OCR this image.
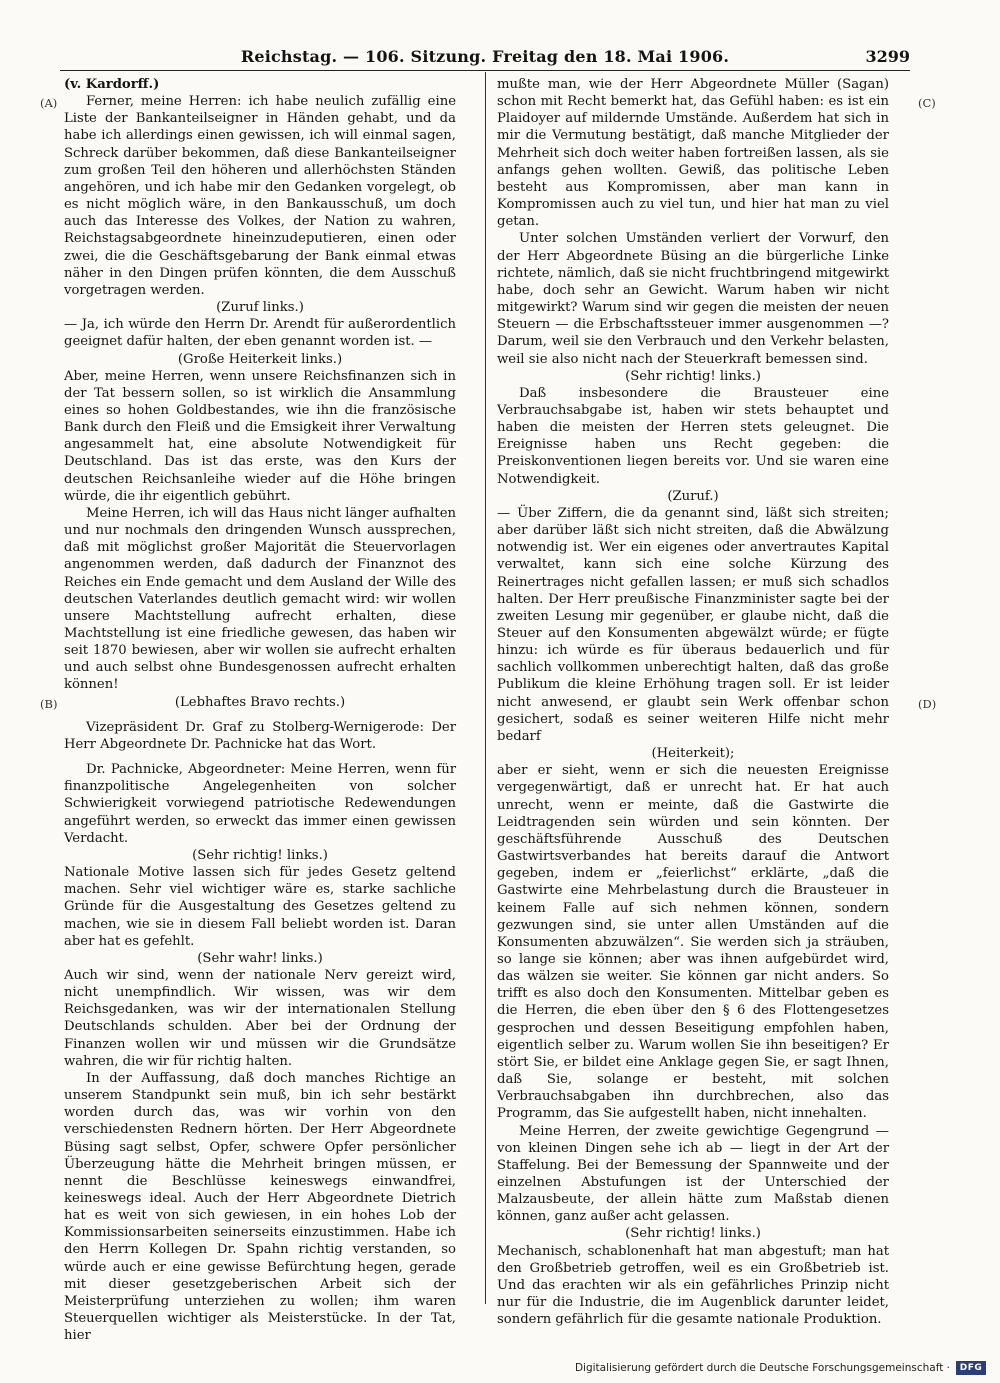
Reichstag. — 106. Sitzung. Freitag den 18. Mai 1906.	3299
(A)
(B)
(C)
(D)

(v. Kardorff.)

Ferner, meine Herren: ich habe neulich zufällig eine Liste der Bankanteilseigner in Händen gehabt, und da habe ich allerdings einen gewissen, ich will einmal sagen, Schreck darüber bekommen, daß diese Bankanteilseigner zum großen Teil den höheren und allerhöchsten Ständen angehören, und ich habe mir den Gedanken vorgelegt, ob es nicht möglich wäre, in den Bankausschuß, um doch auch das Interesse des Volkes, der Nation zu wahren, Reichstagsabgeordnete hineinzudeputieren, einen oder zwei, die die Geschäftsgebarung der Bank einmal etwas näher in den Dingen prüfen könnten, die dem Ausschuß vorgetragen werden.

(Zuruf links.)

— Ja, ich würde den Herrn Dr. Arendt für außerordentlich geeignet dafür halten, der eben genannt worden ist. —

(Große Heiterkeit links.)

Aber, meine Herren, wenn unsere Reichsfinanzen sich in der Tat bessern sollen, so ist wirklich die Ansammlung eines so hohen Goldbestandes, wie ihn die französische Bank durch den Fleiß und die Emsigkeit ihrer Verwaltung angesammelt hat, eine absolute Notwendigkeit für Deutschland. Das ist das erste, was den Kurs der deutschen Reichsanleihe wieder auf die Höhe bringen würde, die ihr eigentlich gebührt.

Meine Herren, ich will das Haus nicht länger aufhalten und nur nochmals den dringenden Wunsch aussprechen, daß mit möglichst großer Majorität die Steuervorlagen angenommen werden, daß dadurch der Finanznot des Reiches ein Ende gemacht und dem Ausland der Wille des deutschen Vaterlandes deutlich gemacht wird: wir wollen unsere Machtstellung aufrecht erhalten, diese Machtstellung ist eine friedliche gewesen, das haben wir seit 1870 bewiesen, aber wir wollen sie aufrecht erhalten und auch selbst ohne Bundesgenossen aufrecht erhalten können!

(Lebhaftes Bravo rechts.)

Vizepräsident Dr. Graf zu Stolberg-Wernigerode: Der Herr Abgeordnete Dr. Pachnicke hat das Wort.

Dr. Pachnicke, Abgeordneter: Meine Herren, wenn für finanzpolitische Angelegenheiten von solcher Schwierigkeit vorwiegend patriotische Redewendungen angeführt werden, so erweckt das immer einen gewissen Verdacht.

(Sehr richtig! links.)

Nationale Motive lassen sich für jedes Gesetz geltend machen. Sehr viel wichtiger wäre es, starke sachliche Gründe für die Ausgestaltung des Gesetzes geltend zu machen, wie sie in diesem Fall beliebt worden ist. Daran aber hat es gefehlt.

(Sehr wahr! links.)

Auch wir sind, wenn der nationale Nerv gereizt wird, nicht unempfindlich. Wir wissen, was wir dem Reichsgedanken, was wir der internationalen Stellung Deutschlands schulden. Aber bei der Ordnung der Finanzen wollen wir und müssen wir die Grundsätze wahren, die wir für richtig halten.

In der Auffassung, daß doch manches Richtige an unserem Standpunkt sein muß, bin ich sehr bestärkt worden durch das, was wir vorhin von den verschiedensten Rednern hörten. Der Herr Abgeordnete Büsing sagt selbst, Opfer, schwere Opfer persönlicher Überzeugung hätte die Mehrheit bringen müssen, er nennt die Beschlüsse keineswegs einwandfrei, keineswegs ideal. Auch der Herr Abgeordnete Dietrich hat es weit von sich gewiesen, in ein hohes Lob der Kommissionsarbeiten seinerseits einzustimmen. Habe ich den Herrn Kollegen Dr. Spahn richtig verstanden, so würde auch er eine gewisse Befürchtung hegen, gerade mit dieser gesetzgeberischen Arbeit sich der Meisterprüfung unterziehen zu wollen; ihm waren Steuerquellen wichtiger als Meisterstücke. In der Tat, hier

mußte man, wie der Herr Abgeordnete Müller (Sagan) schon mit Recht bemerkt hat, das Gefühl haben: es ist ein Plaidoyer auf mildernde Umstände. Außerdem hat sich in mir die Vermutung bestätigt, daß manche Mitglieder der Mehrheit sich doch weiter haben fortreißen lassen, als sie anfangs gehen wollten. Gewiß, das politische Leben besteht aus Kompromissen, aber man kann in Kompromissen auch zu viel tun, und hier hat man zu viel getan.

Unter solchen Umständen verliert der Vorwurf, den der Herr Abgeordnete Büsing an die bürgerliche Linke richtete, nämlich, daß sie nicht fruchtbringend mitgewirkt habe, doch sehr an Gewicht. Warum haben wir nicht mitgewirkt? Warum sind wir gegen die meisten der neuen Steuern — die Erbschaftssteuer immer ausgenommen —? Darum, weil sie den Verbrauch und den Verkehr belasten, weil sie also nicht nach der Steuerkraft bemessen sind.

(Sehr richtig! links.)

Daß insbesondere die Brausteuer eine Verbrauchsabgabe ist, haben wir stets behauptet und haben die meisten der Herren stets geleugnet. Die Ereignisse haben uns Recht gegeben: die Preiskonventionen liegen bereits vor. Und sie waren eine Notwendigkeit.

(Zuruf.)

— Über Ziffern, die da genannt sind, läßt sich streiten; aber darüber läßt sich nicht streiten, daß die Abwälzung notwendig ist. Wer ein eigenes oder anvertrautes Kapital verwaltet, kann sich eine solche Kürzung des Reinertrages nicht gefallen lassen; er muß sich schadlos halten. Der Herr preußische Finanzminister sagte bei der zweiten Lesung mir gegenüber, er glaube nicht, daß die Steuer auf den Konsumenten abgewälzt würde; er fügte hinzu: ich würde es für überaus bedauerlich und für sachlich vollkommen unberechtigt halten, daß das große Publikum die kleine Erhöhung tragen soll. Er ist leider nicht anwesend, er glaubt sein Werk offenbar schon gesichert, sodaß es seiner weiteren Hilfe nicht mehr bedarf

(Heiterkeit);

aber er sieht, wenn er sich die neuesten Ereignisse vergegenwärtigt, daß er unrecht hat. Er hat auch unrecht, wenn er meinte, daß die Gastwirte die Leidtragenden sein würden und sein könnten. Der geschäftsführende Ausschuß des Deutschen Gastwirtsverbandes hat bereits darauf die Antwort gegeben, indem er „feierlichst“ erklärte, „daß die Gastwirte eine Mehrbelastung durch die Brausteuer in keinem Falle auf sich nehmen können, sondern gezwungen sind, sie unter allen Umständen auf die Konsumenten abzuwälzen“. Sie werden sich ja sträuben, so lange sie können; aber was ihnen aufgebürdet wird, das wälzen sie weiter. Sie können gar nicht anders. So trifft es also doch den Konsumenten. Mittelbar geben es die Herren, die eben über den § 6 des Flottengesetzes gesprochen und dessen Beseitigung empfohlen haben, eigentlich selber zu. Warum wollen Sie ihn beseitigen? Er stört Sie, er bildet eine Anklage gegen Sie, er sagt Ihnen, daß Sie, solange er besteht, mit solchen Verbrauchsabgaben ihn durchbrechen, also das Programm, das Sie aufgestellt haben, nicht innehalten.

Meine Herren, der zweite gewichtige Gegengrund — von kleinen Dingen sehe ich ab — liegt in der Art der Staffelung. Bei der Bemessung der Spannweite und der einzelnen Abstufungen ist der Unterschied der Malzausbeute, der allein hätte zum Maßstab dienen können, ganz außer acht gelassen.

(Sehr richtig! links.)

Mechanisch, schablonenhaft hat man abgestuft; man hat den Großbetrieb getroffen, weil es ein Großbetrieb ist. Und das erachten wir als ein gefährliches Prinzip nicht nur für die Industrie, die im Augenblick darunter leidet, sondern gefährlich für die gesamte nationale Produktion.

Digitalisierung gefördert durch die Deutsche Forschungsgemeinschaft ·	DFG
